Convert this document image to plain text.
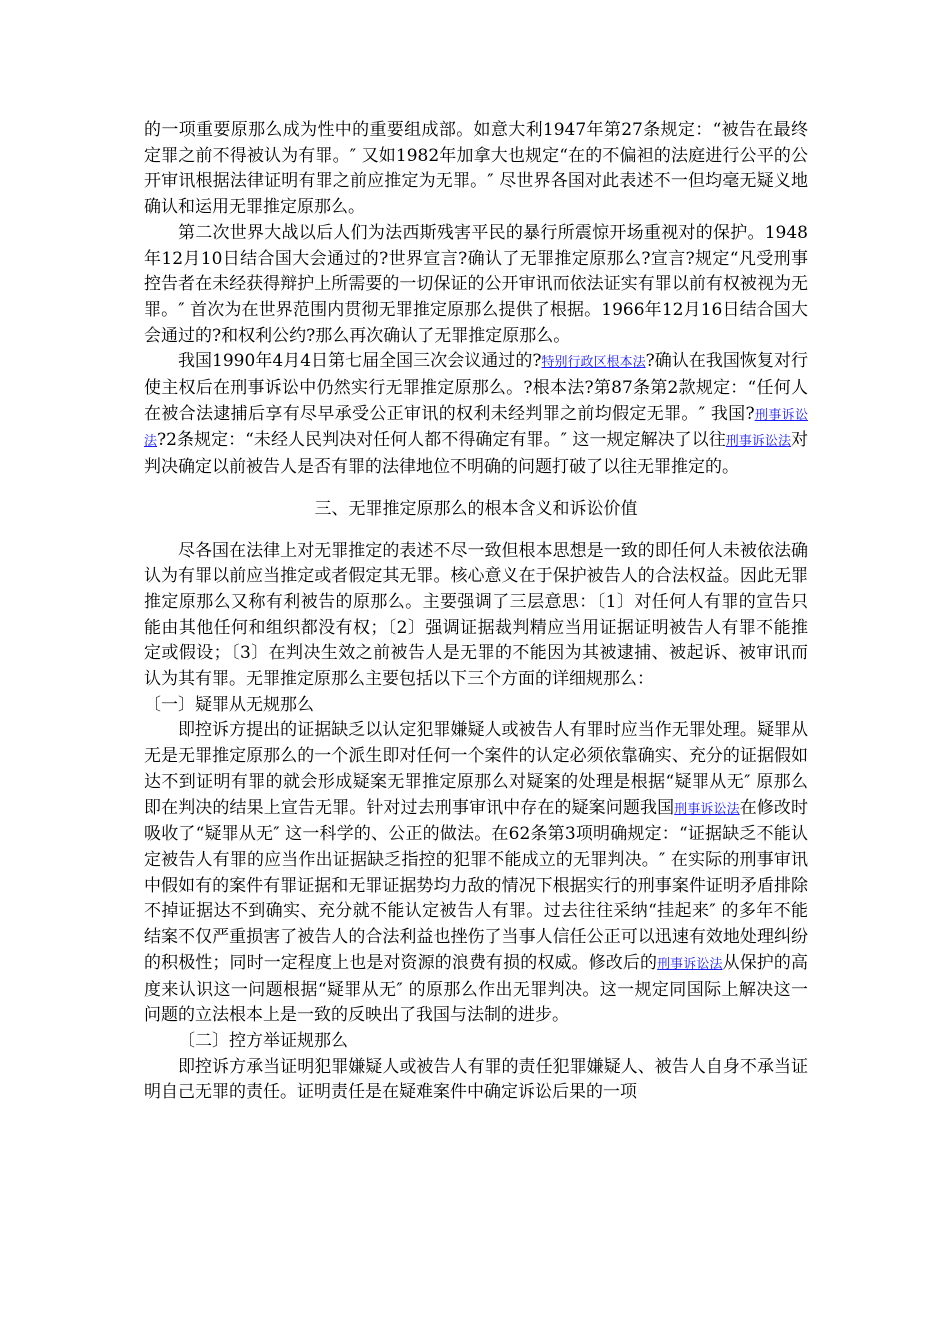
的一项重要原那么成为性中的重要组成部。如意大利1947年第27条规定：“被告在最终定罪之前不得被认为有罪。″ 又如1982年加拿大也规定“在的不偏袒的法庭进行公平的公开审讯根据法律证明有罪之前应推定为无罪。″ 尽世界各国对此表述不一但均毫无疑义地确认和运用无罪推定原那么。

第二次世界大战以后人们为法西斯残害平民的暴行所震惊开场重视对的保护。1948年12月10日结合国大会通过的?世界宣言?确认了无罪推定原那么?宣言?规定“凡受刑事控告者在未经获得辩护上所需要的一切保证的公开审讯而依法证实有罪以前有权被视为无罪。″ 首次为在世界范围内贯彻无罪推定原那么提供了根据。1966年12月16日结合国大会通过的?和权利公约?那么再次确认了无罪推定原那么。

我国1990年4月4日第七届全国三次会议通过的?特别行政区根本法?确认在我国恢复对行使主权后在刑事诉讼中仍然实行无罪推定原那么。?根本法?第87条第2款规定：“任何人在被合法逮捕后享有尽早承受公正审讯的权利未经判罪之前均假定无罪。″ 我国?刑事诉讼法?2条规定：“未经人民判决对任何人都不得确定有罪。″ 这一规定解决了以往刑事诉讼法对判决确定以前被告人是否有罪的法律地位不明确的问题打破了以往无罪推定的。

三、无罪推定原那么的根本含义和诉讼价值

尽各国在法律上对无罪推定的表述不尽一致但根本思想是一致的即任何人未被依法确认为有罪以前应当推定或者假定其无罪。核心意义在于保护被告人的合法权益。因此无罪推定原那么又称有利被告的原那么。主要强调了三层意思：〔1〕对任何人有罪的宣告只能由其他任何和组织都没有权；〔2〕强调证据裁判精应当用证据证明被告人有罪不能推定或假设；〔3〕在判决生效之前被告人是无罪的不能因为其被逮捕、被起诉、被审讯而认为其有罪。无罪推定原那么主要包括以下三个方面的详细规那么：

〔一〕疑罪从无规那么

即控诉方提出的证据缺乏以认定犯罪嫌疑人或被告人有罪时应当作无罪处理。疑罪从无是无罪推定原那么的一个派生即对任何一个案件的认定必须依靠确实、充分的证据假如达不到证明有罪的就会形成疑案无罪推定原那么对疑案的处理是根据“疑罪从无″ 原那么即在判决的结果上宣告无罪。针对过去刑事审讯中存在的疑案问题我国刑事诉讼法在修改时吸收了“疑罪从无″ 这一科学的、公正的做法。在62条第3项明确规定：“证据缺乏不能认定被告人有罪的应当作出证据缺乏指控的犯罪不能成立的无罪判决。″ 在实际的刑事审讯中假如有的案件有罪证据和无罪证据势均力敌的情况下根据实行的刑事案件证明矛盾排除不掉证据达不到确实、充分就不能认定被告人有罪。过去往往采纳“挂起来″ 的多年不能结案不仅严重损害了被告人的合法利益也挫伤了当事人信任公正可以迅速有效地处理纠纷的积极性；同时一定程度上也是对资源的浪费有损的权威。修改后的刑事诉讼法从保护的高度来认识这一问题根据“疑罪从无″ 的原那么作出无罪判决。这一规定同国际上解决这一问题的立法根本上是一致的反映出了我国与法制的进步。

〔二〕控方举证规那么

即控诉方承当证明犯罪嫌疑人或被告人有罪的责任犯罪嫌疑人、被告人自身不承当证明自己无罪的责任。证明责任是在疑难案件中确定诉讼后果的一项
